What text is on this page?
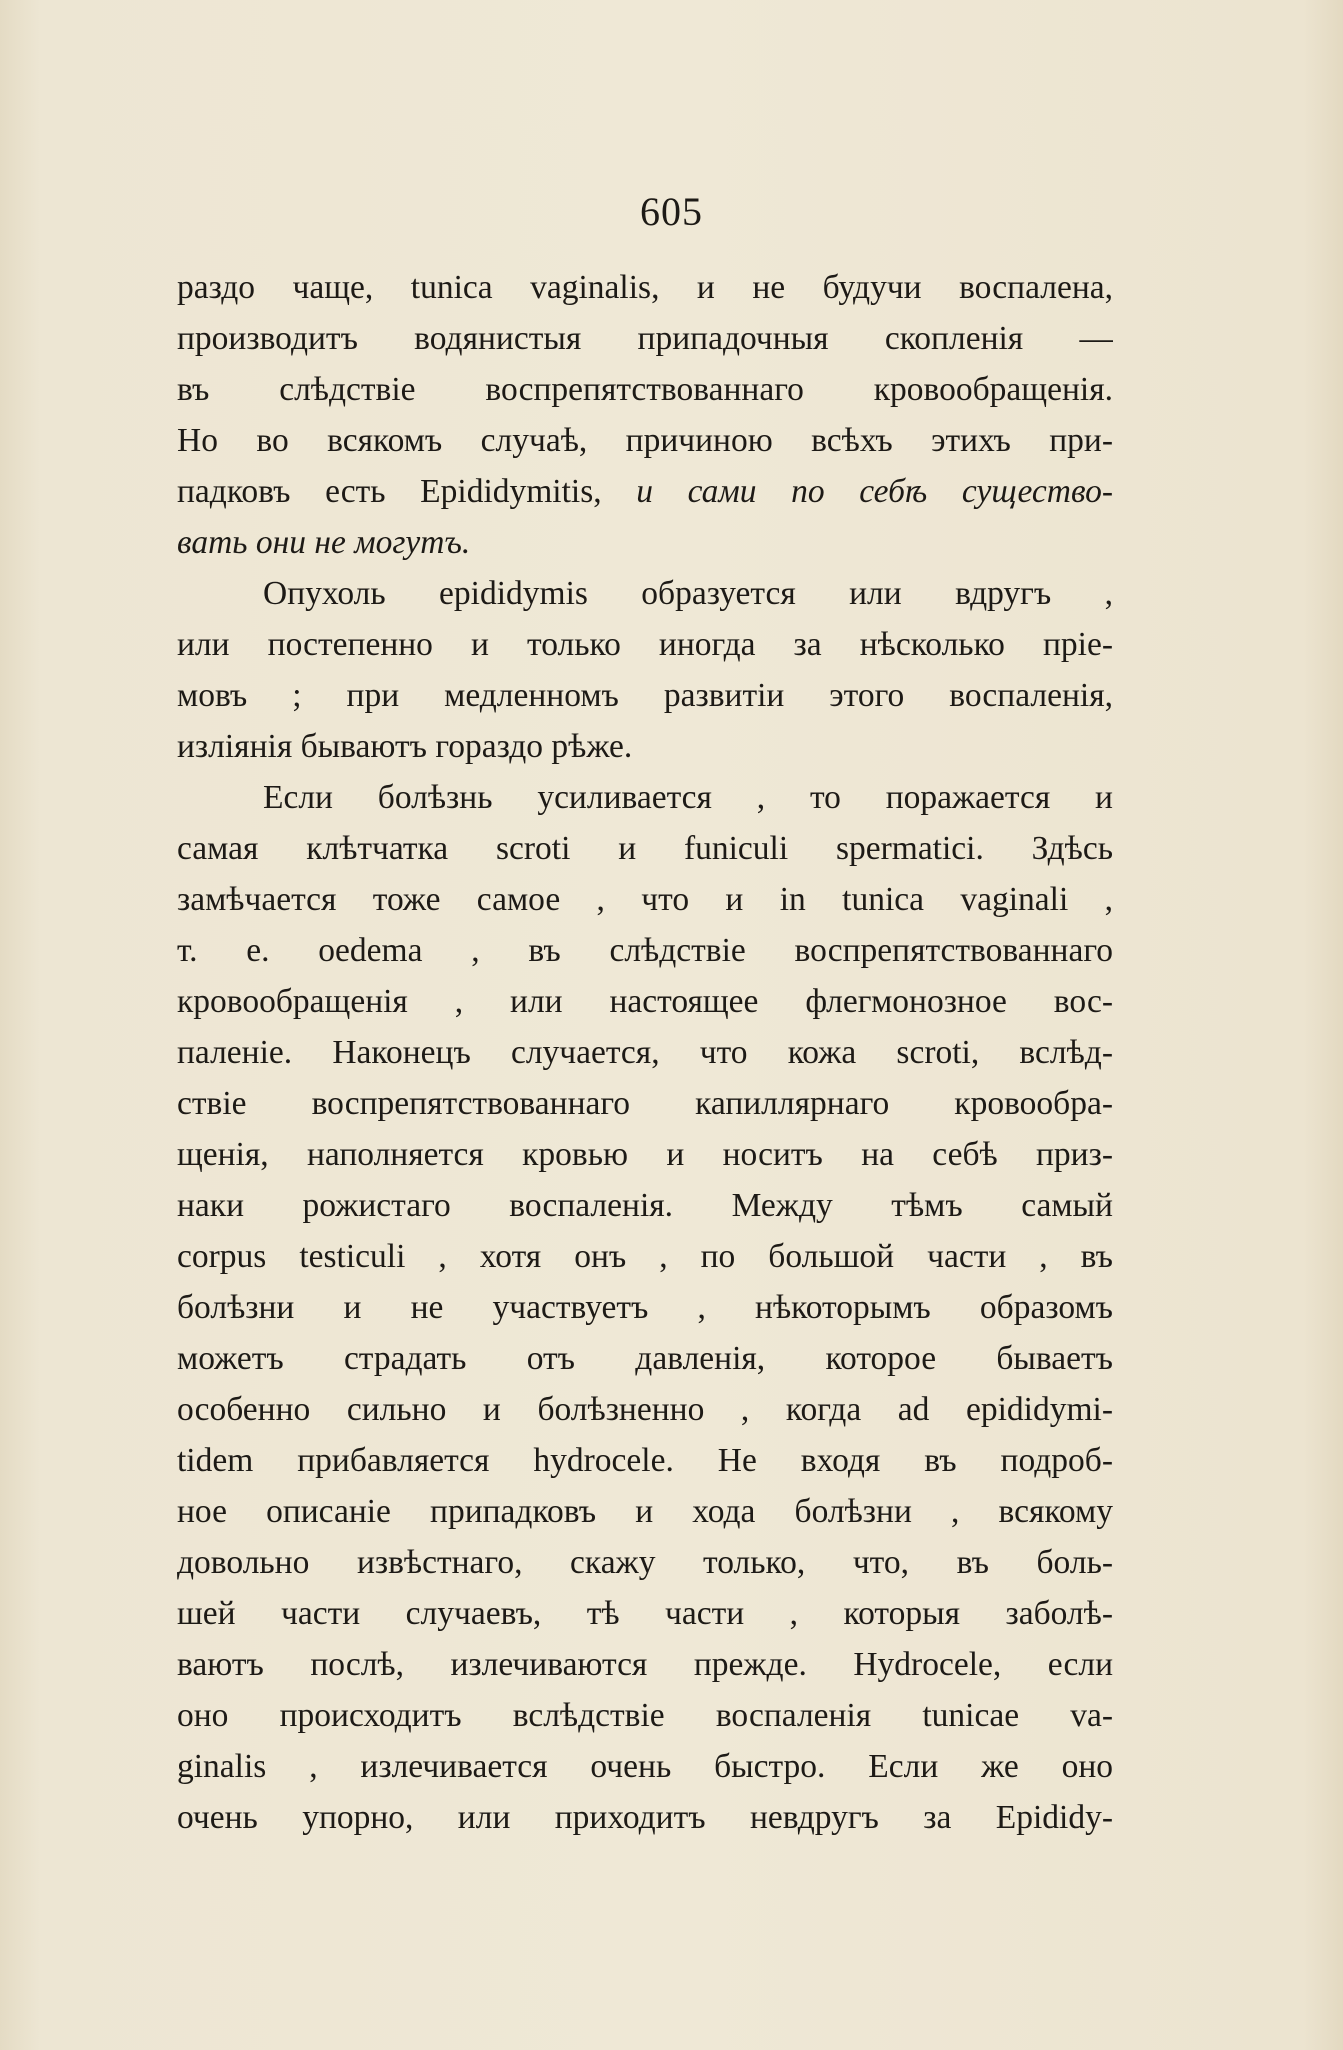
605
раздо чаще, tunica vaginalis, и не будучи воспалена,
производитъ водянистыя припадочныя скопленія —
въ слѣдствіе воспрепятствованнаго кровообращенія.
Но во всякомъ случаѣ, причиною всѣхъ этихъ при-
падковъ есть Epididymitis, и сами по себѣ существо-
вать они не могутъ.
Опухоль epididymis образуется или вдругъ ,
или постепенно и только иногда за нѣсколько пріе-
мовъ ; при медленномъ развитіи этого воспаленія,
изліянія бываютъ гораздо рѣже.
Если болѣзнь усиливается , то поражается и
самая клѣтчатка scroti и funiculi spermatici. Здѣсь
замѣчается тоже самое , что и in tunica vaginali ,
т. е. oedema , въ слѣдствіе воспрепятствованнаго
кровообращенія , или настоящее флегмонозное вос-
паленіе. Наконецъ случается, что кожа scroti, вслѣд-
ствіе воспрепятствованнаго капиллярнаго кровообра-
щенія, наполняется кровью и носитъ на себѣ приз-
наки рожистаго воспаленія. Между тѣмъ самый
corpus testiculi , хотя онъ , по большой части , въ
болѣзни и не участвуетъ , нѣкоторымъ образомъ
можетъ страдать отъ давленія, которое бываетъ
особенно сильно и болѣзненно , когда ad epididymi-
tidem прибавляется hydrocele. Не входя въ подроб-
ное описаніе припадковъ и хода болѣзни , всякому
довольно извѣстнаго, скажу только, что, въ боль-
шей части случаевъ, тѣ части , которыя заболѣ-
ваютъ послѣ, излечиваются прежде. Hydrocele, если
оно происходитъ вслѣдствіе воспаленія tunicae va-
ginalis , излечивается очень быстро. Если же оно
очень упорно, или приходитъ невдругъ за Epididy-
